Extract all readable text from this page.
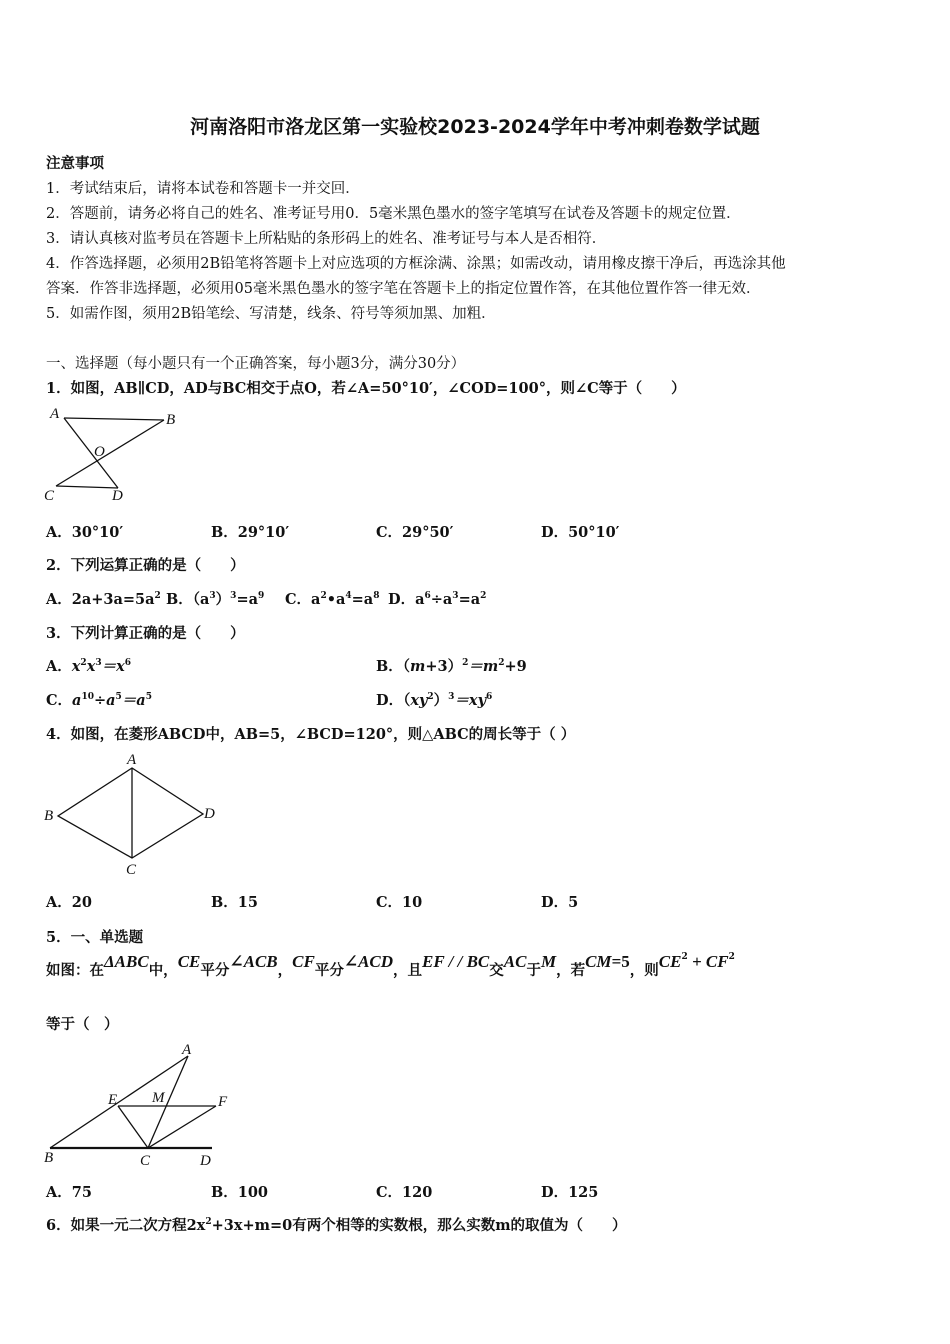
河南洛阳市洛龙区第一实验校2023-2024学年中考冲刺卷数学试题
注意事项
1．考试结束后，请将本试卷和答题卡一并交回．
2．答题前，请务必将自己的姓名、准考证号用0．5毫米黑色墨水的签字笔填写在试卷及答题卡的规定位置．
3．请认真核对监考员在答题卡上所粘贴的条形码上的姓名、准考证号与本人是否相符．
4．作答选择题，必须用2B铅笔将答题卡上对应选项的方框涂满、涂黑；如需改动，请用橡皮擦干净后，再选涂其他
答案．作答非选择题，必须用05毫米黑色墨水的签字笔在答题卡上的指定位置作答，在其他位置作答一律无效．
5．如需作图，须用2B铅笔绘、写清楚，线条、符号等须加黑、加粗．
一、选择题（每小题只有一个正确答案，每小题3分，满分30分）
1．如图，AB∥CD，AD与BC相交于点O，若∠A=50°10′，∠COD=100°，则∠C等于（　　）
A	B
O
C	D
A．30°10′	B．29°10′	C．29°50′	D．50°10′
2．下列运算正确的是（　　）
A．$2a+3a=5a^2$ B．$(a^3)^3=a^9$ C．$a^2•a^4=a^8$ D．$a^6\div a^3=a^2$
3．下列计算正确的是（　　）
A．$x^2x^3=x^6$	B．$(m+3)^2=m^2+9$
C．$a^{10}\div a^5=a^5$	D．$(xy^2)^3=xy^6$
4．如图，在菱形ABCD中，AB=5，∠BCD=120°，则△ABC的周长等于（ ）
A
B
C
D
A．20	B．15	C．10	D．5
5．一、单选题
如图：在ΔABC中，CE平分∠ACB，CF平分∠ACD，且EF / / BC交AC于M，若CM=5，则$CE^2 + CF^2$
等于（　）
A
E M	F
B	C	D
A．75	B．100	C．120	D．125
6．如果一元二次方程$2x^2+3x+m=0$有两个相等的实数根，那么实数m的取值为（　　）
